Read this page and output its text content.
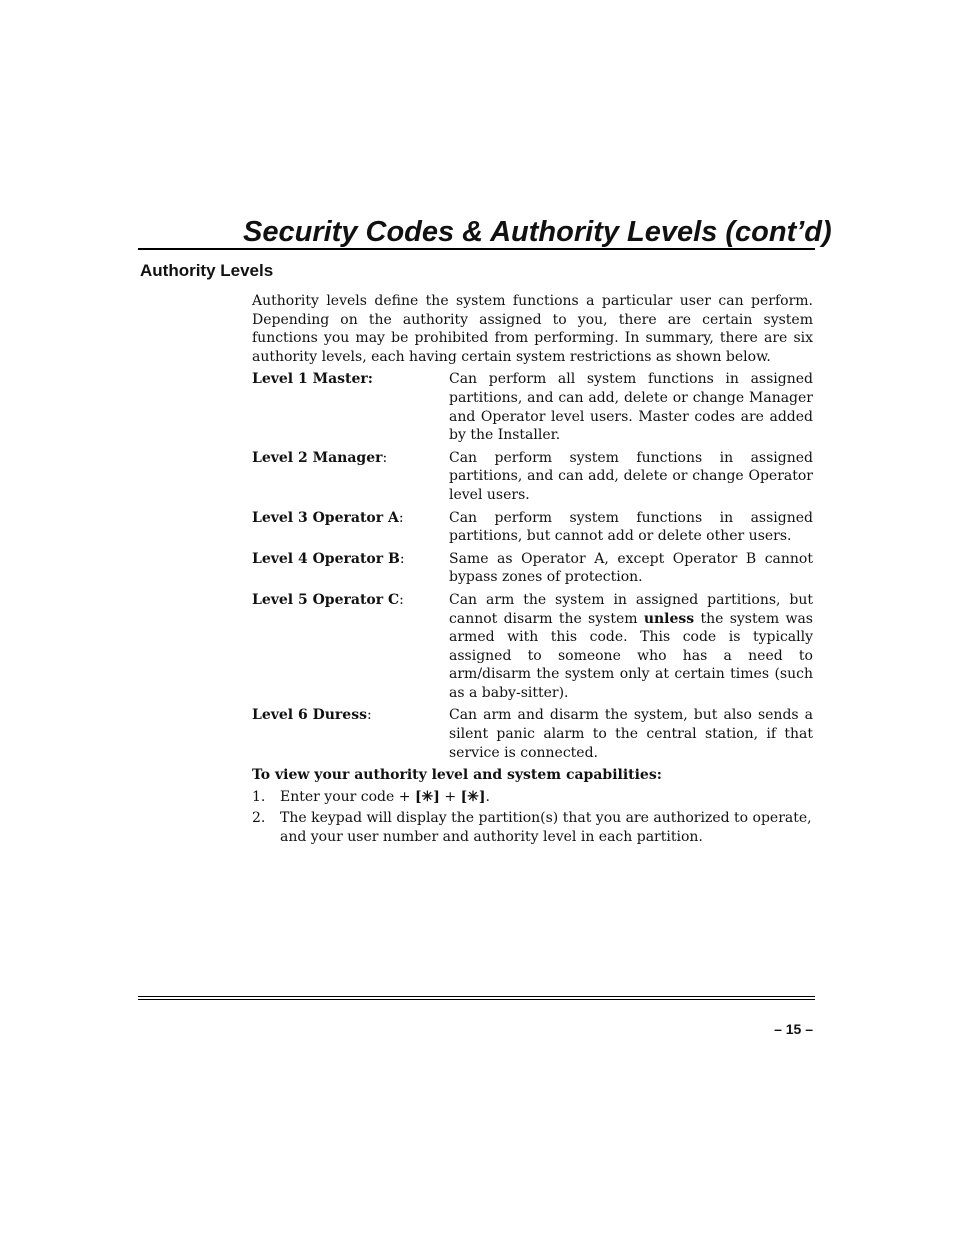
Security Codes & Authority Levels (cont’d)
Authority Levels

Authority levels define the system functions a particular user can perform. Depending on the authority assigned to you, there are certain system functions you may be prohibited from performing. In summary, there are six authority levels, each having certain system restrictions as shown below.

Level 1 Master:	Can perform all system functions in assigned partitions, and can add, delete or change Manager and Operator level users. Master codes are added by the Installer.
Level 2 Manager:	Can perform system functions in assigned partitions, and can add, delete or change Operator level users.
Level 3 Operator A:	Can perform system functions in assigned partitions, but cannot add or delete other users.
Level 4 Operator B:	Same as Operator A, except Operator B cannot bypass zones of protection.
Level 5 Operator C:	Can arm the system in assigned partitions, but cannot disarm the system unless the system was armed with this code. This code is typically assigned to someone who has a need to arm/disarm the system only at certain times (such as a baby-sitter).
Level 6 Duress:	Can arm and disarm the system, but also sends a silent panic alarm to the central station, if that service is connected.
To view your authority level and system capabilities:
1.	Enter your code + [✳] + [✳].
2.	The keypad will display the partition(s) that you are authorized to operate, and your user number and authority level in each partition.
– 15 –
